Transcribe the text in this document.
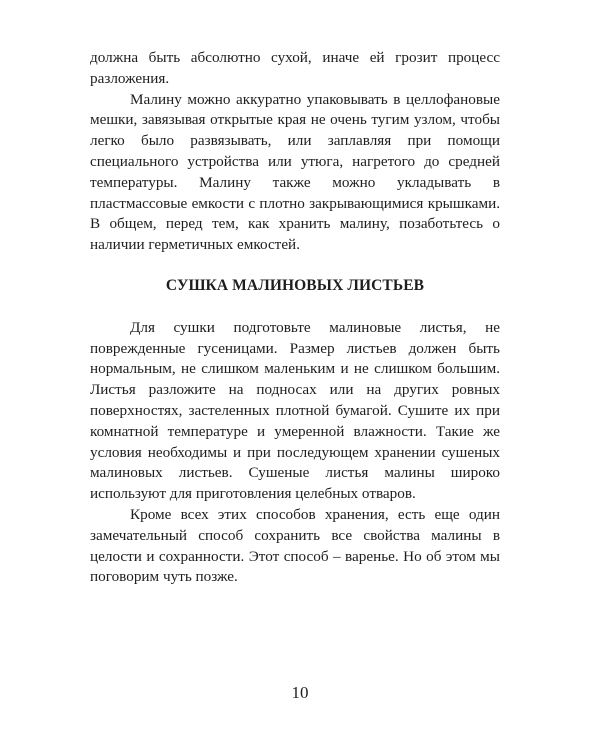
должна быть абсолютно сухой, иначе ей грозит процесс разложения.

Малину можно аккуратно упаковывать в целлофановые мешки, завязывая открытые края не очень тугим узлом, чтобы легко было развязывать, или заплавляя при помощи специального устройства или утюга, нагретого до средней температуры. Малину также можно укладывать в пластмассовые емкости с плотно закрывающимися крышками. В общем, перед тем, как хранить малину, позаботьтесь о наличии герметичных емкостей.

СУШКА МАЛИНОВЫХ ЛИСТЬЕВ

Для сушки подготовьте малиновые листья, не поврежденные гусеницами. Размер листьев должен быть нормальным, не слишком маленьким и не слишком большим. Листья разложите на подносах или на других ровных поверхностях, застеленных плотной бумагой. Сушите их при комнатной температуре и умеренной влажности. Такие же условия необходимы и при последующем хранении сушеных малиновых листьев. Сушеные листья малины широко используют для приготовления целебных отваров.

Кроме всех этих способов хранения, есть еще один замечательный способ сохранить все свойства малины в целости и сохранности. Этот способ – варенье. Но об этом мы поговорим чуть позже.

10
